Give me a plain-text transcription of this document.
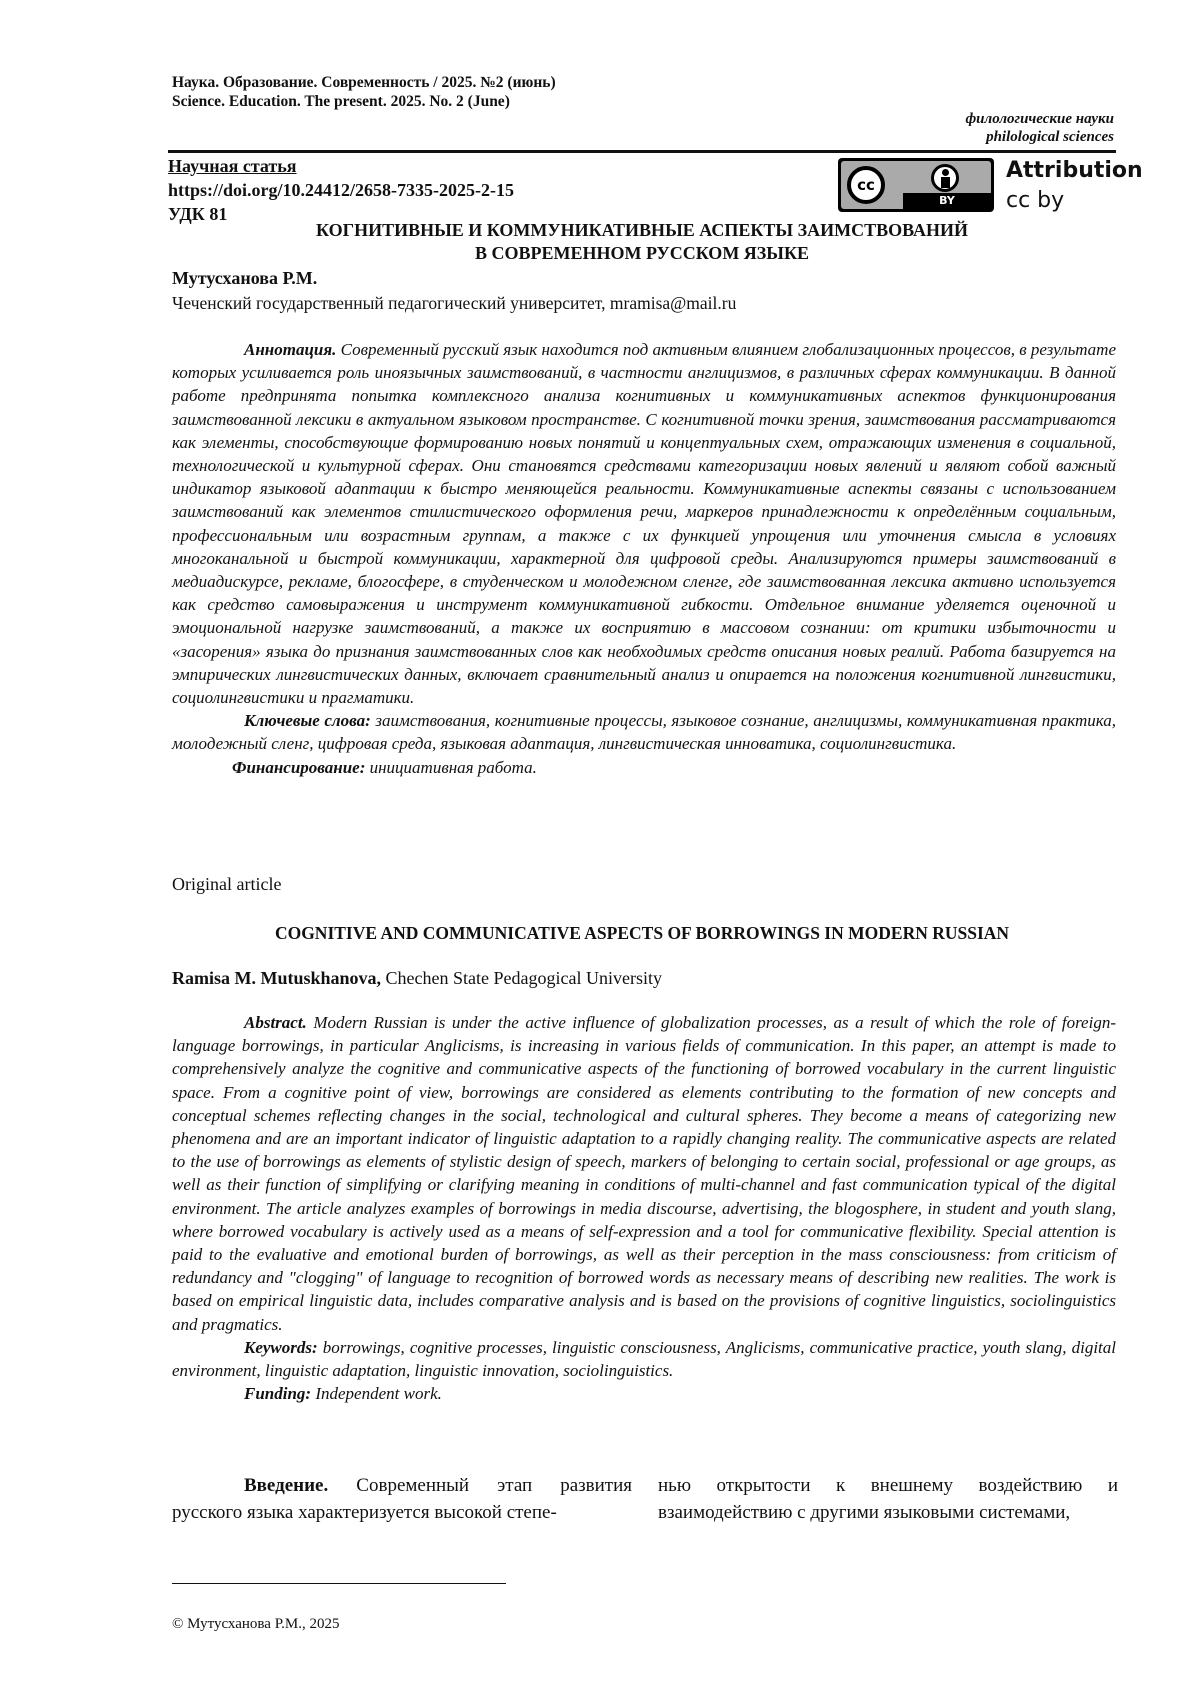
Наука. Образование. Современность / 2025. №2 (июнь)
Science. Education. The present. 2025. No. 2 (June)
филологические науки
philological sciences
Научная статья
https://doi.org/10.24412/2658-7335-2025-2-15
УДК 81
cc
BY
Attribution
cc by
КОГНИТИВНЫЕ И КОММУНИКАТИВНЫЕ АСПЕКТЫ ЗАИМСТВОВАНИЙ
В СОВРЕМЕННОМ РУССКОМ ЯЗЫКЕ
Мутусханова Р.М.
Чеченский государственный педагогический университет, mramisa@mail.ru

Аннотация. Современный русский язык находится под активным влиянием глобализационных процессов, в результате которых усиливается роль иноязычных заимствований, в частности англицизмов, в различных сферах коммуникации. В данной работе предпринята попытка комплексного анализа когнитивных и коммуникативных аспектов функционирования заимствованной лексики в актуальном языковом пространстве. С когнитивной точки зрения, заимствования рассматриваются как элементы, способствующие формированию новых понятий и концептуальных схем, отражающих изменения в социальной, технологической и культурной сферах. Они становятся средствами категоризации новых явлений и являют собой важный индикатор языковой адаптации к быстро меняющейся реальности. Коммуникативные аспекты связаны с использованием заимствований как элементов стилистического оформления речи, маркеров принадлежности к определённым социальным, профессиональным или возрастным группам, а также с их функцией упрощения или уточнения смысла в условиях многоканальной и быстрой коммуникации, характерной для цифровой среды. Анализируются примеры заимствований в медиадискурсе, рекламе, блогосфере, в студенческом и молодежном сленге, где заимствованная лексика активно используется как средство самовыражения и инструмент коммуникативной гибкости. Отдельное внимание уделяется оценочной и эмоциональной нагрузке заимствований, а также их восприятию в массовом сознании: от критики избыточности и «засорения» языка до признания заимствованных слов как необходимых средств описания новых реалий. Работа базируется на эмпирических лингвистических данных, включает сравнительный анализ и опирается на положения когнитивной лингвистики, социолингвистики и прагматики.

Ключевые слова: заимствования, когнитивные процессы, языковое сознание, англицизмы, коммуникативная практика, молодежный сленг, цифровая среда, языковая адаптация, лингвистическая инноватика, социолингвистика.

Финансирование: инициативная работа.

Original article
COGNITIVE AND COMMUNICATIVE ASPECTS OF BORROWINGS IN MODERN RUSSIAN
Ramisa M. Mutuskhanova, Chechen State Pedagogical University

Abstract. Modern Russian is under the active influence of globalization processes, as a result of which the role of foreign-language borrowings, in particular Anglicisms, is increasing in various fields of communication. In this paper, an attempt is made to comprehensively analyze the cognitive and communicative aspects of the functioning of borrowed vocabulary in the current linguistic space. From a cognitive point of view, borrowings are considered as elements contributing to the formation of new concepts and conceptual schemes reflecting changes in the social, technological and cultural spheres. They become a means of categorizing new phenomena and are an important indicator of linguistic adaptation to a rapidly changing reality. The communicative aspects are related to the use of borrowings as elements of stylistic design of speech, markers of belonging to certain social, professional or age groups, as well as their function of simplifying or clarifying meaning in conditions of multi-channel and fast communication typical of the digital environment. The article analyzes examples of borrowings in media discourse, advertising, the blogosphere, in student and youth slang, where borrowed vocabulary is actively used as a means of self-expression and a tool for communicative flexibility. Special attention is paid to the evaluative and emotional burden of borrowings, as well as their perception in the mass consciousness: from criticism of redundancy and "clogging" of language to recognition of borrowed words as necessary means of describing new realities. The work is based on empirical linguistic data, includes comparative analysis and is based on the provisions of cognitive linguistics, sociolinguistics and pragmatics.

Keywords: borrowings, cognitive processes, linguistic consciousness, Anglicisms, communicative practice, youth slang, digital environment, linguistic adaptation, linguistic innovation, sociolinguistics.

Funding: Independent work.

Введение. Современный этап развития русского языка характеризуется высокой степе-
нью открытости к внешнему воздействию и взаимодействию с другими языковыми системами,
© Мутусханова Р.М., 2025
